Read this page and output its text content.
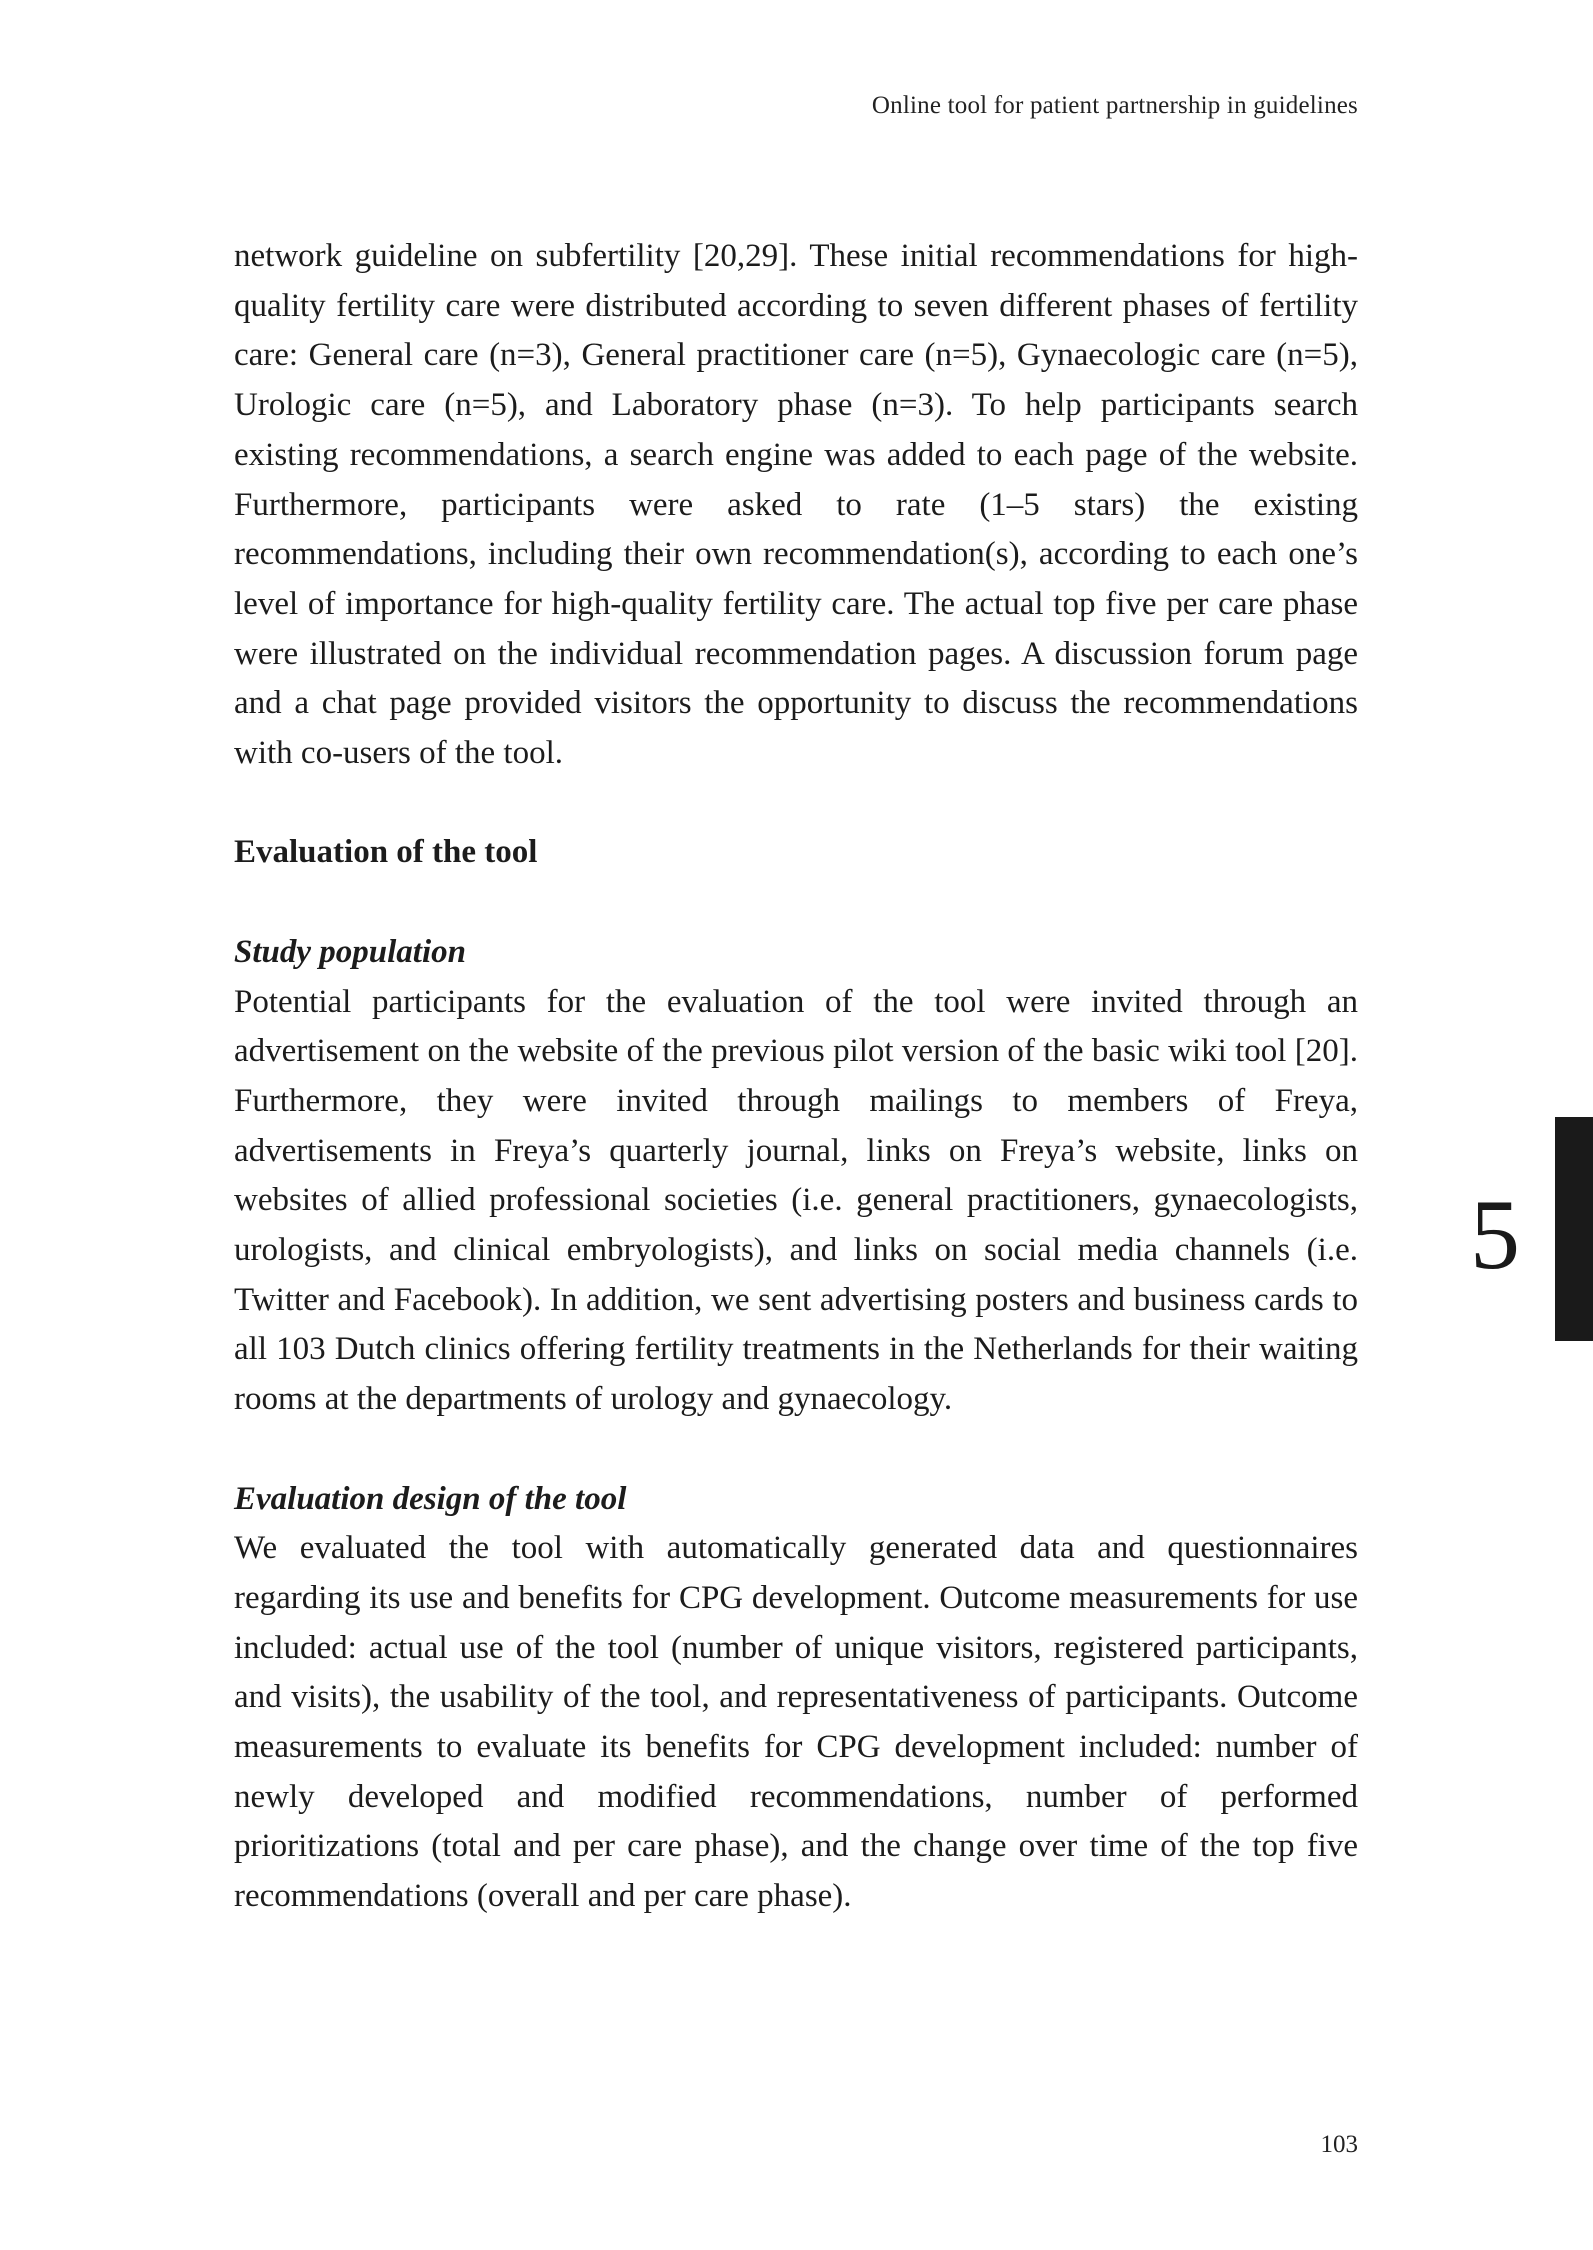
Online tool for patient partnership in guidelines

network guideline on subfertility [20,29]. These initial recommendations for high-quality fertility care were distributed according to seven different phases of fertility care: General care (n=3), General practitioner care (n=5), Gynaecologic care (n=5), Urologic care (n=5), and Laboratory phase (n=3). To help participants search existing recommendations, a search engine was added to each page of the website. Furthermore, participants were asked to rate (1–5 stars) the existing recommendations, including their own recommendation(s), according to each one’s level of importance for high-quality fertility care. The actual top five per care phase were illustrated on the individual recommendation pages. A discussion forum page and a chat page provided visitors the opportunity to discuss the recommendations with co-users of the tool.

Evaluation of the tool
Study population

Potential participants for the evaluation of the tool were invited through an advertisement on the website of the previous pilot version of the basic wiki tool [20]. Furthermore, they were invited through mailings to members of Freya, advertisements in Freya’s quarterly journal, links on Freya’s website, links on websites of allied professional societies (i.e. general practitioners, gynaecologists, urologists, and clinical embryologists), and links on social media channels (i.e. Twitter and Facebook). In addition, we sent advertising posters and business cards to all 103 Dutch clinics offering fertility treatments in the Netherlands for their waiting rooms at the departments of urology and gynaecology.

Evaluation design of the tool

We evaluated the tool with automatically generated data and questionnaires regarding its use and benefits for CPG development. Outcome measurements for use included: actual use of the tool (number of unique visitors, registered participants, and visits), the usability of the tool, and representativeness of participants. Outcome measurements to evaluate its benefits for CPG development included: number of newly developed and modified recommendations, number of performed prioritizations (total and per care phase), and the change over time of the top five recommendations (overall and per care phase).

5
103
